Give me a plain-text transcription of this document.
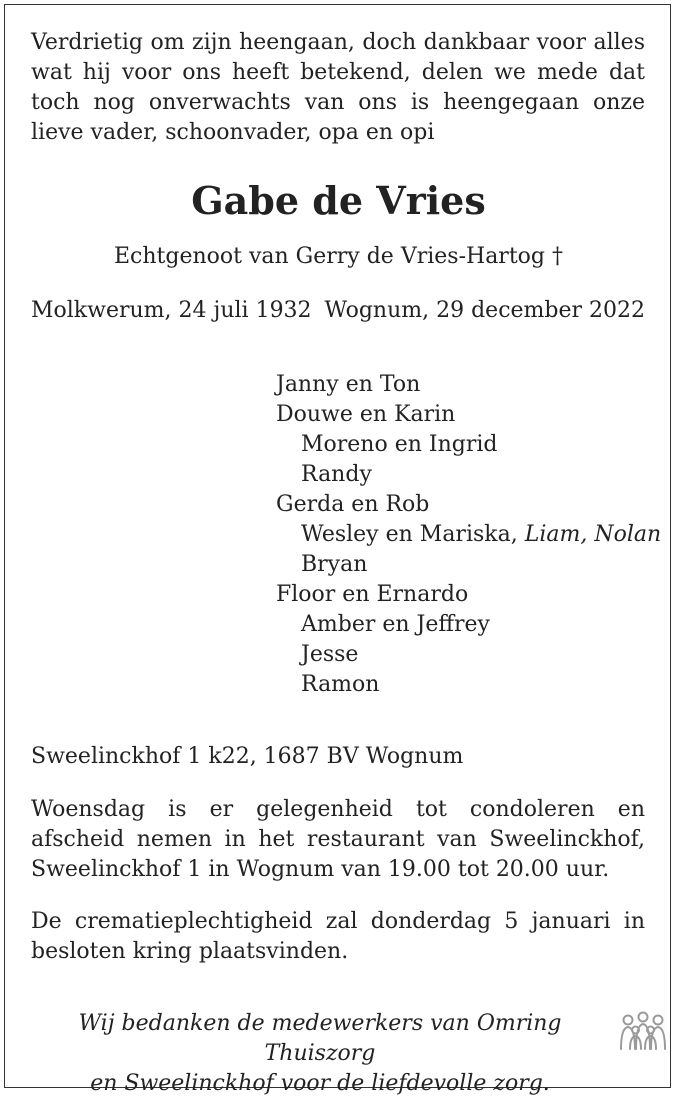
Verdrietig om zijn heengaan, doch dankbaar voor alles wat hij voor ons heeft betekend, delen we mede dat toch nog onverwachts van ons is heengegaan onze lieve vader, schoonvader, opa en opi

Gabe de Vries

Echtgenoot van Gerry de Vries-Hartog †

Molkwerum, 24 juli 1932 Wognum, 29 december 2022
Janny en Ton
Douwe en Karin
Moreno en Ingrid
Randy
Gerda en Rob
Wesley en Mariska, Liam, Nolan
Bryan
Floor en Ernardo
Amber en Jeffrey
Jesse
Ramon

Sweelinckhof 1 k22, 1687 BV Wognum

Woensdag is er gelegenheid tot condoleren en afscheid nemen in het restaurant van Sweelinckhof, Sweelinckhof 1 in Wognum van 19.00 tot 20.00 uur.

De crematieplechtigheid zal donderdag 5 januari in besloten kring plaatsvinden.

Wij bedanken de medewerkers van Omring Thuiszorg
en Sweelinckhof voor de liefdevolle zorg.
